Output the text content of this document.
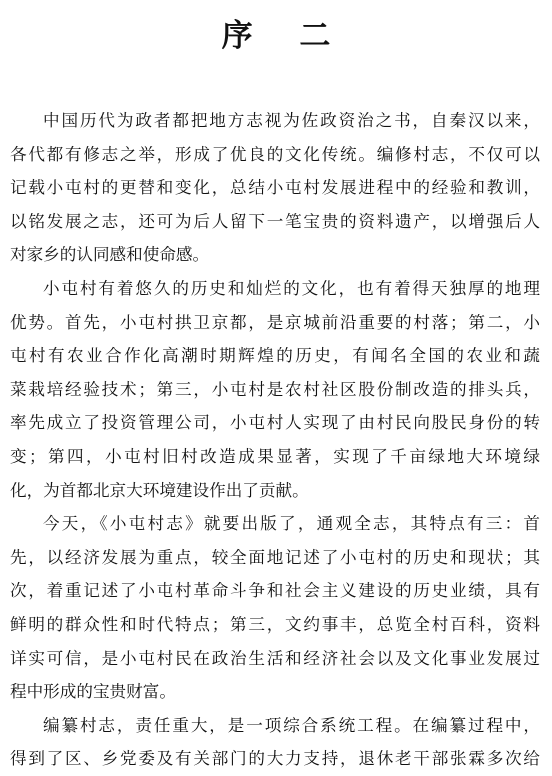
序 二
中国历代为政者都把地方志视为佐政资治之书，自秦汉以来，
各代都有修志之举，形成了优良的文化传统。编修村志，不仅可以
记载小屯村的更替和变化，总结小屯村发展进程中的经验和教训，
以铭发展之志，还可为后人留下一笔宝贵的资料遗产，以增强后人
对家乡的认同感和使命感。
小屯村有着悠久的历史和灿烂的文化，也有着得天独厚的地理
优势。首先，小屯村拱卫京都，是京城前沿重要的村落；第二，小
屯村有农业合作化高潮时期辉煌的历史，有闻名全国的农业和蔬
菜栽培经验技术；第三，小屯村是农村社区股份制改造的排头兵，
率先成立了投资管理公司，小屯村人实现了由村民向股民身份的转
变；第四，小屯村旧村改造成果显著，实现了千亩绿地大环境绿
化，为首都北京大环境建设作出了贡献。
今天，《小屯村志》就要出版了，通观全志，其特点有三：首
先，以经济发展为重点，较全面地记述了小屯村的历史和现状；其
次，着重记述了小屯村革命斗争和社会主义建设的历史业绩，具有
鲜明的群众性和时代特点；第三，文约事丰，总览全村百科，资料
详实可信，是小屯村民在政治生活和经济社会以及文化事业发展过
程中形成的宝贵财富。
编纂村志，责任重大，是一项综合系统工程。在编纂过程中，
得到了区、乡党委及有关部门的大力支持，退休老干部张霖多次给
